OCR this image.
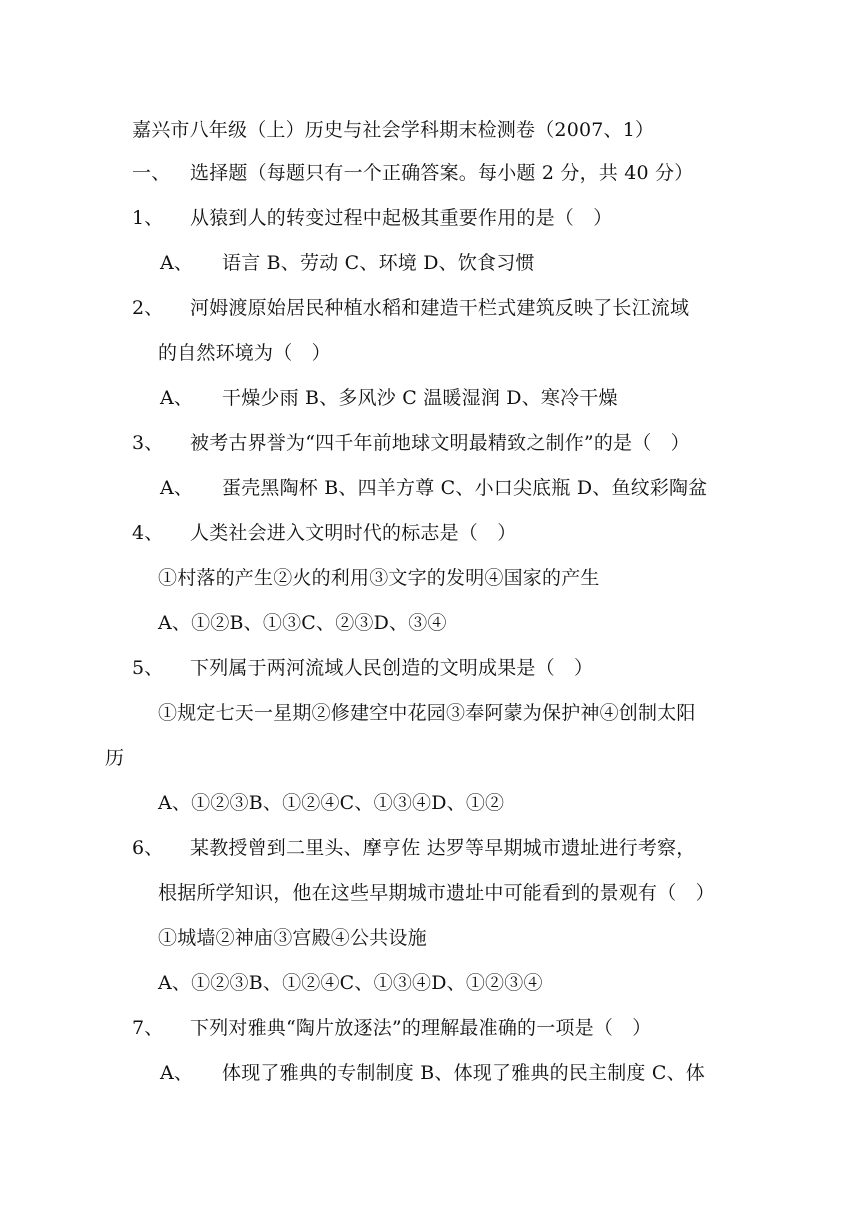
嘉兴市八年级（上）历史与社会学科期末检测卷（2007、1）
一、 选择题（每题只有一个正确答案。每小题 2 分，共 40 分）
1、 从猿到人的转变过程中起极其重要作用的是（　）
A、 语言 B、劳动 C、环境 D、饮食习惯
2、 河姆渡原始居民种植水稻和建造干栏式建筑反映了长江流域
的自然环境为（　）
A、 干燥少雨 B、多风沙 C 温暖湿润 D、寒冷干燥
3、 被考古界誉为“四千年前地球文明最精致之制作”的是（　）
A、 蛋壳黑陶杯 B、四羊方尊 C、小口尖底瓶 D、鱼纹彩陶盆
4、 人类社会进入文明时代的标志是（　）
①村落的产生②火的利用③文字的发明④国家的产生
A、①②B、①③C、②③D、③④
5、 下列属于两河流域人民创造的文明成果是（　）
①规定七天一星期②修建空中花园③奉阿蒙为保护神④创制太阳
历
A、①②③B、①②④C、①③④D、①②
6、 某教授曾到二里头、摩亨佐 达罗等早期城市遗址进行考察，
根据所学知识，他在这些早期城市遗址中可能看到的景观有（　）
①城墙②神庙③宫殿④公共设施
A、①②③B、①②④C、①③④D、①②③④
7、 下列对雅典“陶片放逐法”的理解最准确的一项是（　）
A、 体现了雅典的专制制度 B、体现了雅典的民主制度 C、体
